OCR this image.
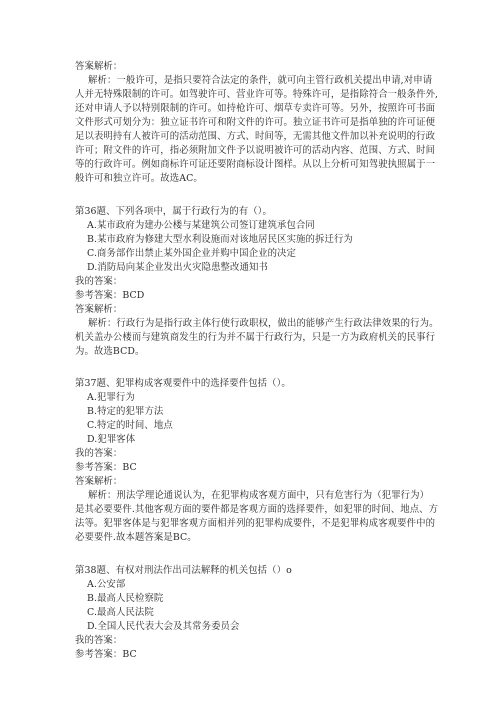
答案解析：
解析：一般许可，是指只要符合法定的条件，就可向主管行政机关提出申请,对申请
人并无特殊限制的许可。如驾驶许可、营业许可等。特殊许可，是指除符合一般条件外,
还对申请人予以特别限制的许可。如持枪许可、烟草专卖许可等。另外，按照许可书面
文件形式可划分为：独立证书许可和附文件的许可。独立证书许可是指单独的许可证便
足以表明持有人被许可的活动范围、方式、时间等，无需其他文件加以补充说明的行政
许可；附文件的许可，指必须附加文件予以说明被许可的活动内容、范围、方式、时间
等的行政许可。例如商标许可证还要附商标设计图样。从以上分析可知驾驶执照属于一
般许可和独立许可。故选AC。
第36题、下列各项中，属于行政行为的有（）。
A.某市政府为建办公楼与某建筑公司签订建筑承包合同
B.某市政府为修建大型水利设施而对该地居民区实施的拆迁行为
C.商务部作出禁止某外国企业并购中国企业的决定
D.消防局向某企业发出火灾隐患整改通知书
我的答案：
参考答案：BCD
答案解析：
解析：行政行为是指行政主体行使行政职权，做出的能够产生行政法律效果的行为。
机关盖办公楼而与建筑商发生的行为并不属于行政行为，只是一方为政府机关的民事行
为。故选BCD。
第37题、犯罪构成客观要件中的选择要件包括（）。
A.犯罪行为
B.特定的犯罪方法
C.特定的时间、地点
D.犯罪客体
我的答案：
参考答案：BC
答案解析：
解析：刑法学理论通说认为，在犯罪构成客观方面中，只有危害行为（犯罪行为）
是其必要要件.其他客观方面的要件都是客观方面的选择要件，如犯罪的时间、地点、方
法等。犯罪客体是与犯罪客观方面相并列的犯罪构成要件，不是犯罪构成客观要件中的
必要要件.故本题答案是BC。
第38题、有权对刑法作出司法解释的机关包括（）o
A.公安部
B.最高人民检察院
C.最高人民法院
D.全国人民代表大会及其常务委员会
我的答案：
参考答案：BC
